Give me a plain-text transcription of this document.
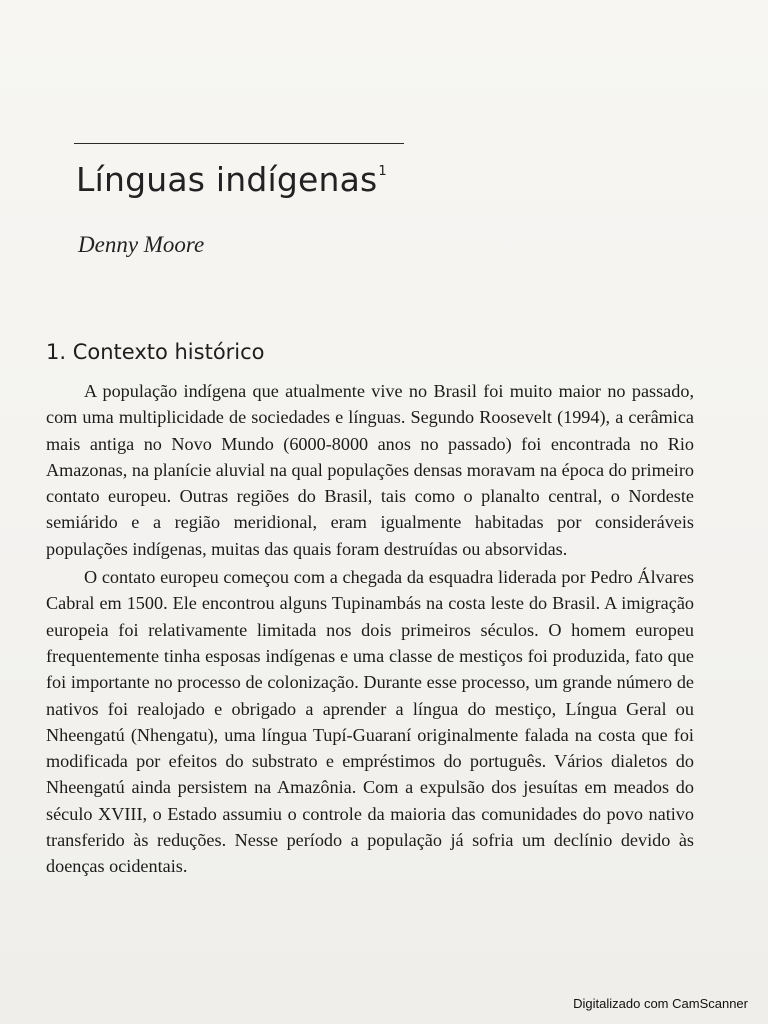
Línguas indígenas$^1$
Denny Moore
1. Contexto histórico

A população indígena que atualmente vive no Brasil foi muito maior no passado, com uma multiplicidade de sociedades e línguas. Segundo Roosevelt (1994), a cerâmica mais antiga no Novo Mundo (6000-8000 anos no passado) foi encontrada no Rio Amazonas, na planície aluvial na qual populações densas moravam na época do primeiro contato europeu. Outras regiões do Brasil, tais como o planalto central, o Nordeste semiárido e a região meridional, eram igualmente habitadas por consideráveis populações indígenas, muitas das quais foram destruídas ou absorvidas.

O contato europeu começou com a chegada da esquadra liderada por Pedro Álvares Cabral em 1500. Ele encontrou alguns Tupinambás na costa leste do Brasil. A imigração europeia foi relativamente limitada nos dois primeiros séculos. O homem europeu frequentemente tinha esposas indígenas e uma classe de mestiços foi produzida, fato que foi importante no processo de colonização. Durante esse processo, um grande número de nativos foi realojado e obrigado a aprender a língua do mestiço, Língua Geral ou Nheengatú (Nhengatu), uma língua Tupí-Guaraní originalmente falada na costa que foi modificada por efeitos do substrato e empréstimos do português. Vários dialetos do Nheengatú ainda persistem na Amazônia. Com a expulsão dos jesuítas em meados do século XVIII, o Estado assumiu o controle da maioria das comunidades do povo nativo transferido às reduções. Nesse período a população já sofria um declínio devido às doenças ocidentais.

Digitalizado com CamScanner
